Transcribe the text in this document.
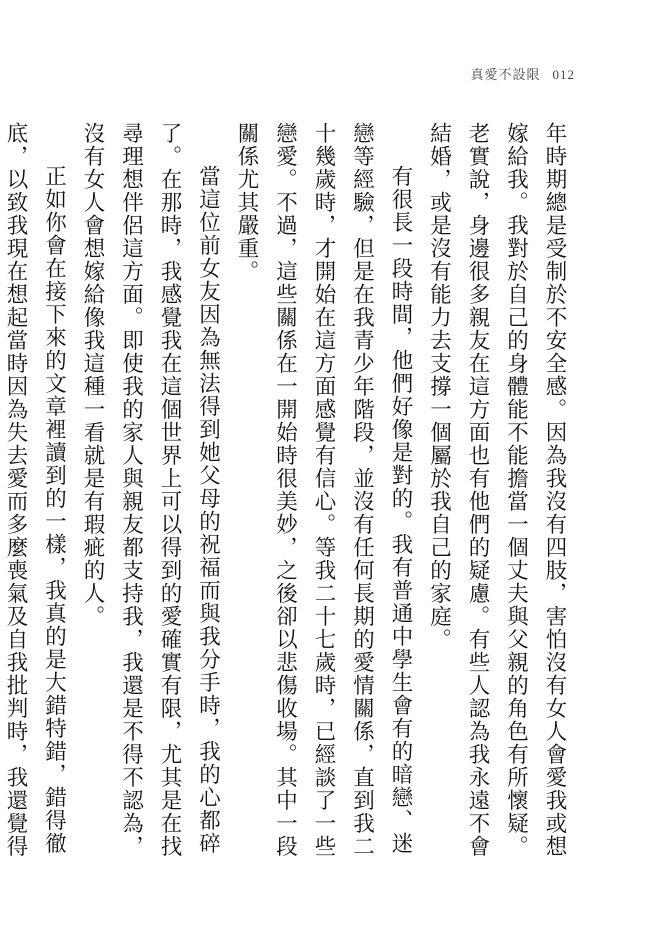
真愛不設限 012

年時期總是受制於不安全感。因為我沒有四肢，害怕沒有女人會愛我或想嫁給我。我對於自己的身體能不能擔當一個丈夫與父親的角色有所懷疑。老實說，身邊很多親友在這方面也有他們的疑慮。有些人認為我永遠不會結婚，或是沒有能力去支撐一個屬於我自己的家庭。

有很長一段時間，他們好像是對的。我有普通中學生會有的暗戀、迷戀等經驗，但是在我青少年階段，並沒有任何長期的愛情關係，直到我二十幾歲時，才開始在這方面感覺有信心。等我二十七歲時，已經談了一些戀愛。不過，這些關係在一開始時很美妙，之後卻以悲傷收場。其中一段關係尤其嚴重。

當這位前女友因為無法得到她父母的祝福而與我分手時，我的心都碎了。在那時，我感覺我在這個世界上可以得到的愛確實有限，尤其是在找尋理想伴侶這方面。即使我的家人與親友都支持我，我還是不得不認為，沒有女人會想嫁給像我這種一看就是有瑕疵的人。

正如你會在接下來的文章裡讀到的一樣，我真的是大錯特錯，錯得徹底，以致我現在想起當時因為失去愛而多麼喪氣及自我批判時，我還覺得
